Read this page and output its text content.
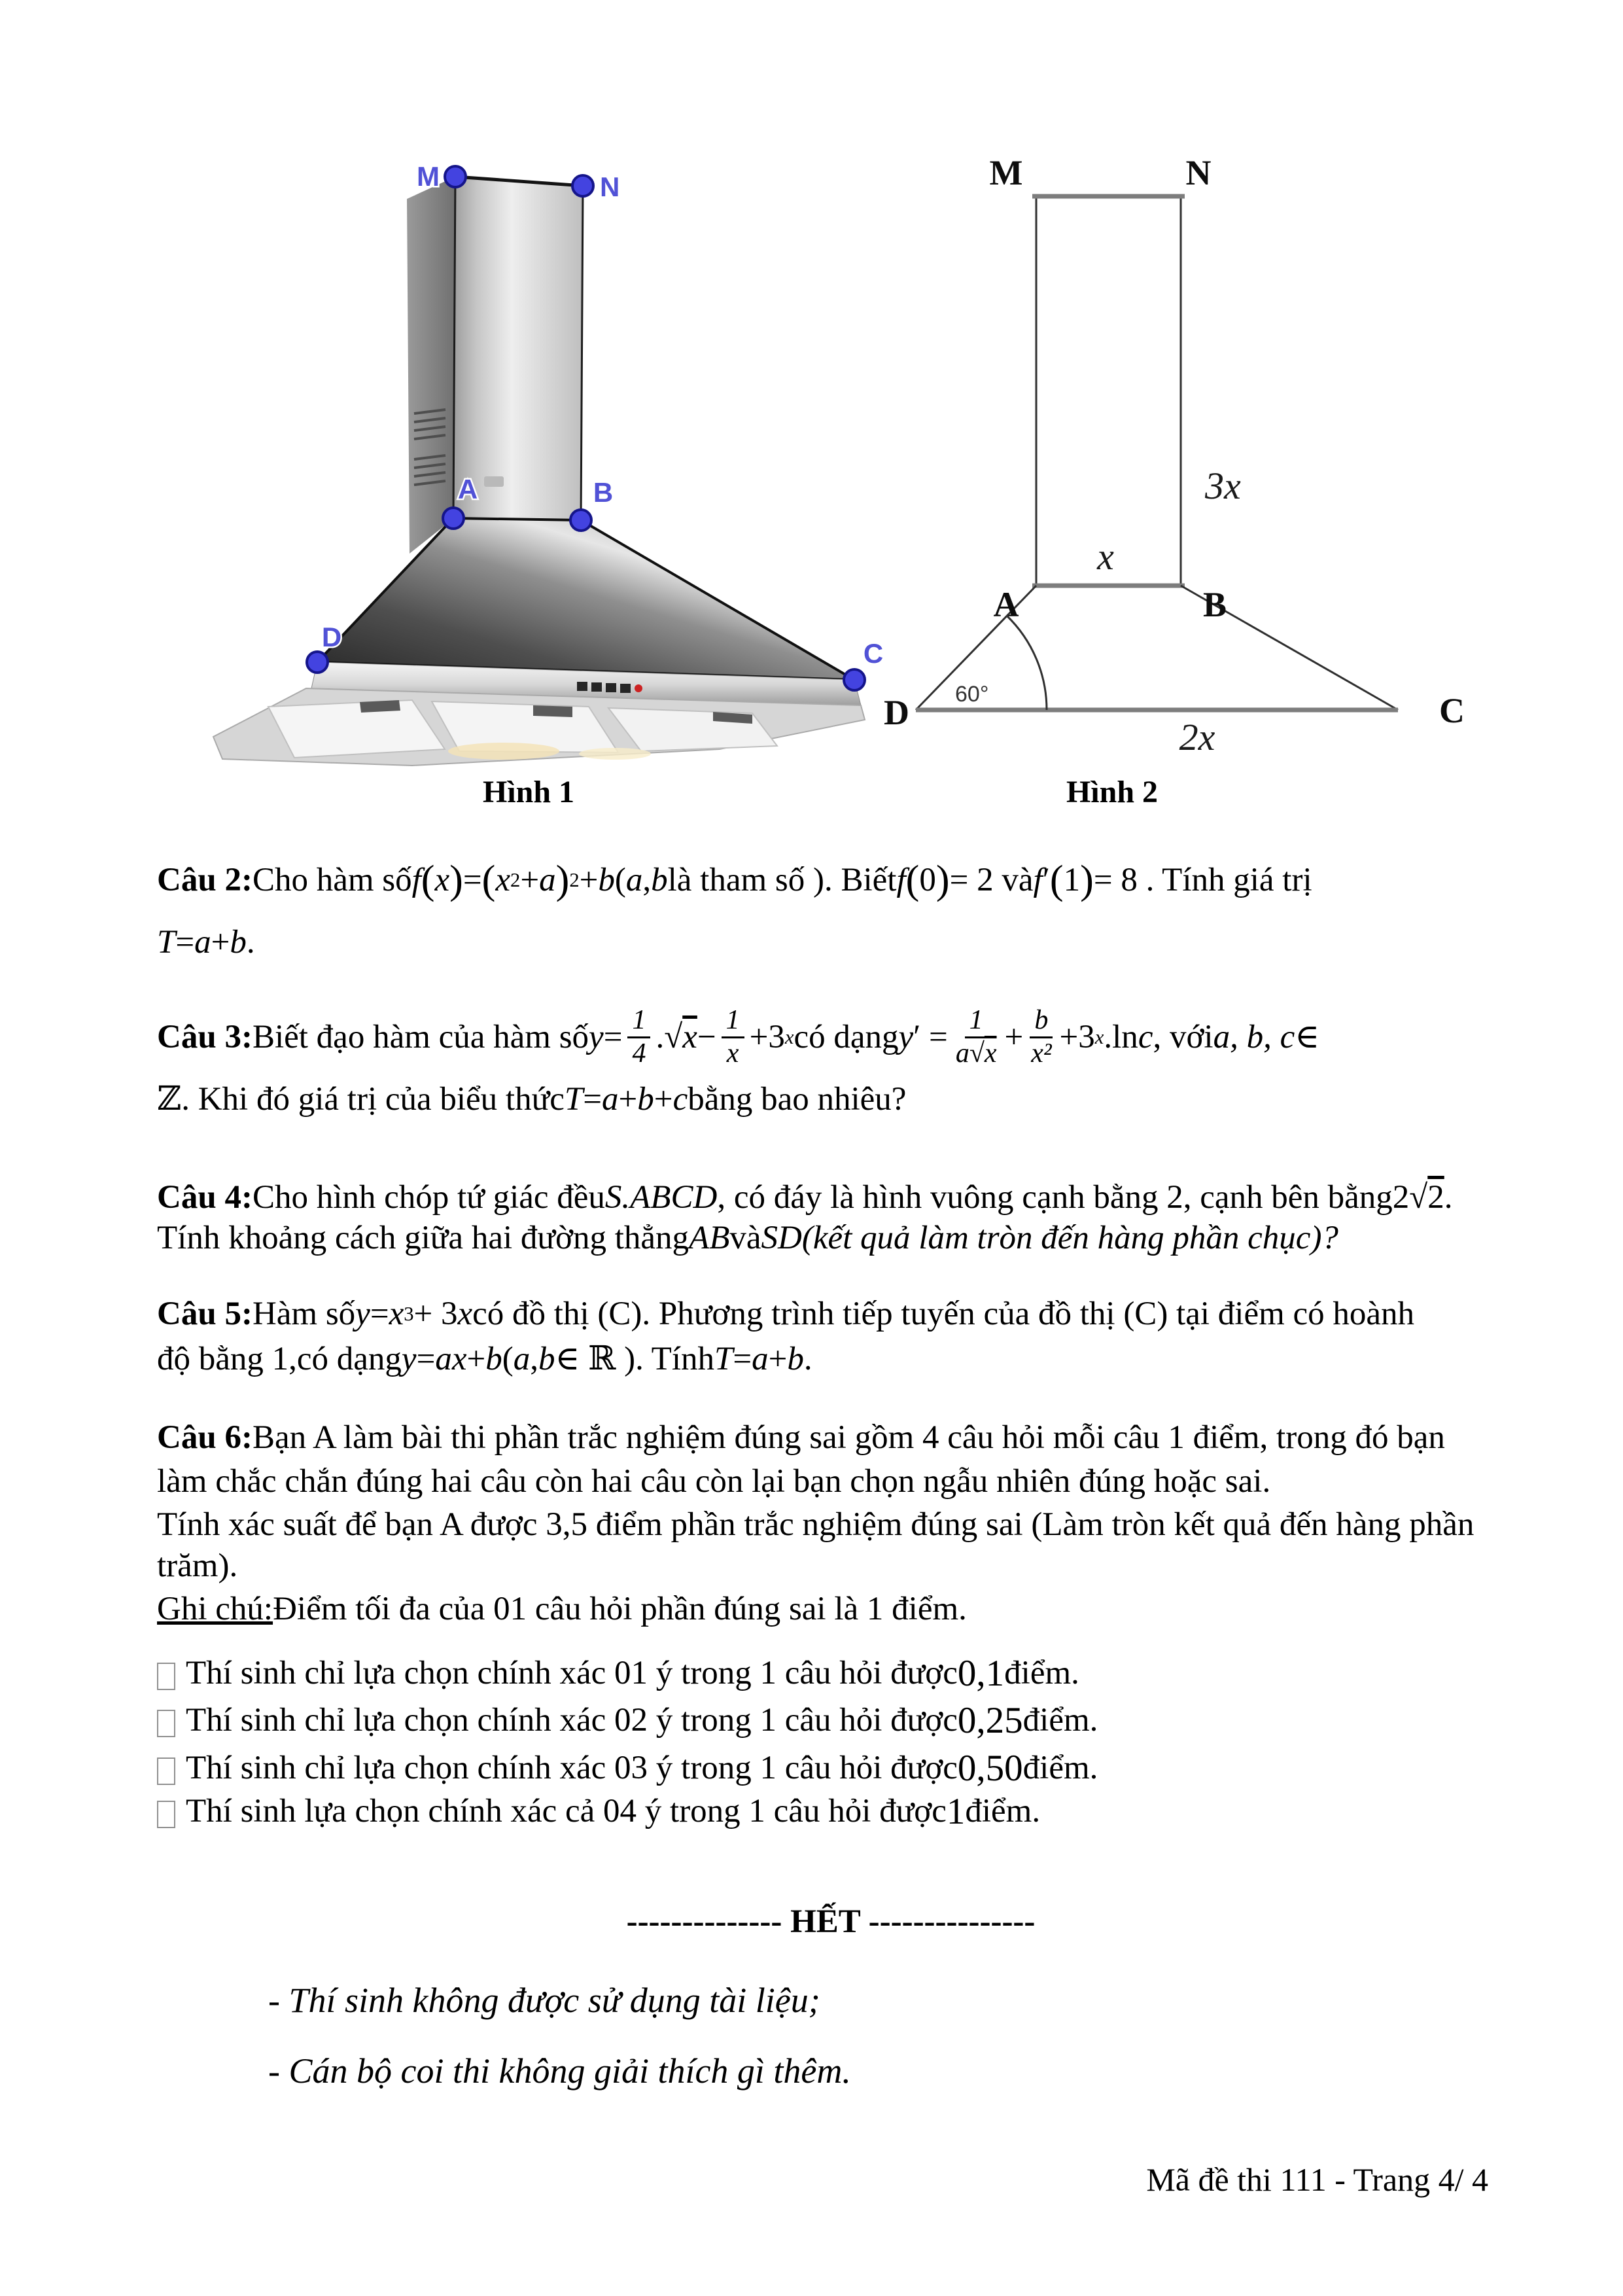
M	N
A	B
D
C
Hình 1
M	N
A	B
D	C
3x
x
2x
60°
Hình 2
Câu 2: Cho hàm số f ( x ) = ( x 2 + a ) 2 + b ( a , b là tham số ). Biết f ( 0 ) = 2 và f ′ ( 1 ) = 8 . Tính giá trị
T = a + b .
Câu 3: Biết đạo hàm của hàm số $y = \frac{1}{4}$ . $√x - \frac{1}{x} + 3$ x có dạng y ′ = $\frac{1}{a√x} + \frac{b}{\text{x²}} + 3$ x .ln c , với a, b, c ∈
ℤ. Khi đó giá trị của biểu thức T = a + b + c bằng bao nhiêu?
Câu 4: Cho hình chóp tứ giác đều S.ABCD , có đáy là hình vuông cạnh bằng 2, cạnh bên bằng 2√2.
Tính khoảng cách giữa hai đường thẳng AB và SD (kết quả làm tròn đến hàng phần chục)?
Câu 5: Hàm số y = x 3 + 3 x có đồ thị (C). Phương trình tiếp tuyến của đồ thị (C) tại điểm có hoành
độ bằng 1,có dạng y = ax + b ( a , b ∈ ℝ ). Tính T = a + b .
Câu 6: Bạn A làm bài thi phần trắc nghiệm đúng sai gồm 4 câu hỏi mỗi câu 1 điểm, trong đó bạn
làm chắc chắn đúng hai câu còn hai câu còn lại bạn chọn ngẫu nhiên đúng hoặc sai.
Tính xác suất để bạn A được 3,5 điểm phần trắc nghiệm đúng sai (Làm tròn kết quả đến hàng phần
trăm).
Ghi chú: Điểm tối đa của 01 câu hỏi phần đúng sai là 1 điểm.
Thí sinh chỉ lựa chọn chính xác 01 ý trong 1 câu hỏi được 0,1 điểm.
Thí sinh chỉ lựa chọn chính xác 02 ý trong 1 câu hỏi được 0,25 điểm.
Thí sinh chỉ lựa chọn chính xác 03 ý trong 1 câu hỏi được 0,50 điểm.
Thí sinh lựa chọn chính xác cả 04 ý trong 1 câu hỏi được 1 điểm.
-------------- HẾT ---------------
- Thí sinh không được sử dụng tài liệu;
- Cán bộ coi thi không giải thích gì thêm.
Mã đề thi 111 - Trang 4/ 4
